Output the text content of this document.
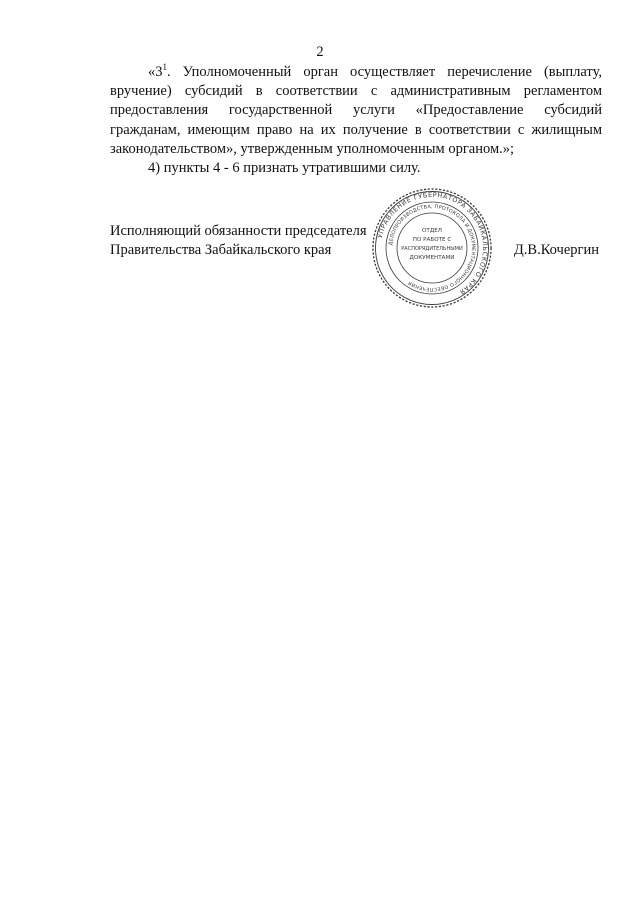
2

«$3^1$. Уполномоченный орган осуществляет перечисление (выплату, вручение) субсидий в соответствии с административным регламентом предоставления государственной услуги «Предоставление субсидий гражданам, имеющим право на их получение в соответствии с жилищным законодательством», утвержденным уполномоченным органом.»;

4) пункты 4 - 6 признать утратившими силу.

Исполняющий обязанности председателя
Правительства Забайкальского края	Д.В.Кочергин
УПРАВЛЕНИЕ ГУБЕРНАТОРА ЗАБАЙКАЛЬСКОГО КРАЯ
ДЕЛОПРОИЗВОДСТВА, ПРОТОКОЛА И ДОКУМЕНТАЦИОННОГО ОБЕСПЕЧЕНИЯ
ОТДЕЛ
ПО РАБОТЕ С
РАСПОРЯДИТЕЛЬНЫМИ
ДОКУМЕНТАМИ
